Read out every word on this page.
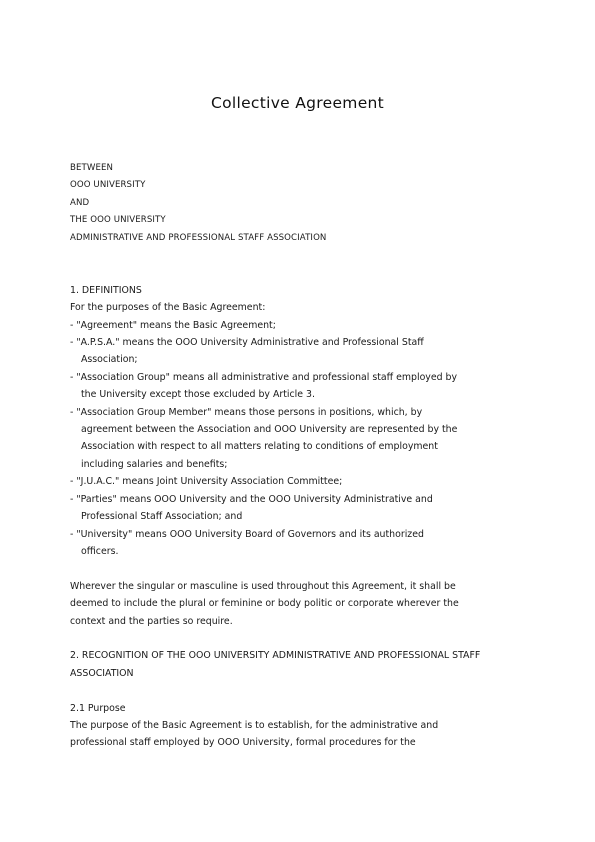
Collective Agreement

BETWEEN

OOO UNIVERSITY

AND

THE OOO UNIVERSITY

ADMINISTRATIVE AND PROFESSIONAL STAFF ASSOCIATION

1. DEFINITIONS

For the purposes of the Basic Agreement:

- "Agreement" means the Basic Agreement;

- "A.P.S.A." means the OOO University Administrative and Professional Staff

Association;

- "Association Group" means all administrative and professional staff employed by

the University except those excluded by Article 3.

- "Association Group Member" means those persons in positions, which, by

agreement between the Association and OOO University are represented by the

Association with respect to all matters relating to conditions of employment

including salaries and benefits;

- "J.U.A.C." means Joint University Association Committee;

- "Parties" means OOO University and the OOO University Administrative and

Professional Staff Association; and

- "University" means OOO University Board of Governors and its authorized

officers.

Wherever the singular or masculine is used throughout this Agreement, it shall be

deemed to include the plural or feminine or body politic or corporate wherever the

context and the parties so require.

2. RECOGNITION OF THE OOO UNIVERSITY ADMINISTRATIVE AND PROFESSIONAL STAFF

ASSOCIATION

2.1 Purpose

The purpose of the Basic Agreement is to establish, for the administrative and

professional staff employed by OOO University, formal procedures for the
